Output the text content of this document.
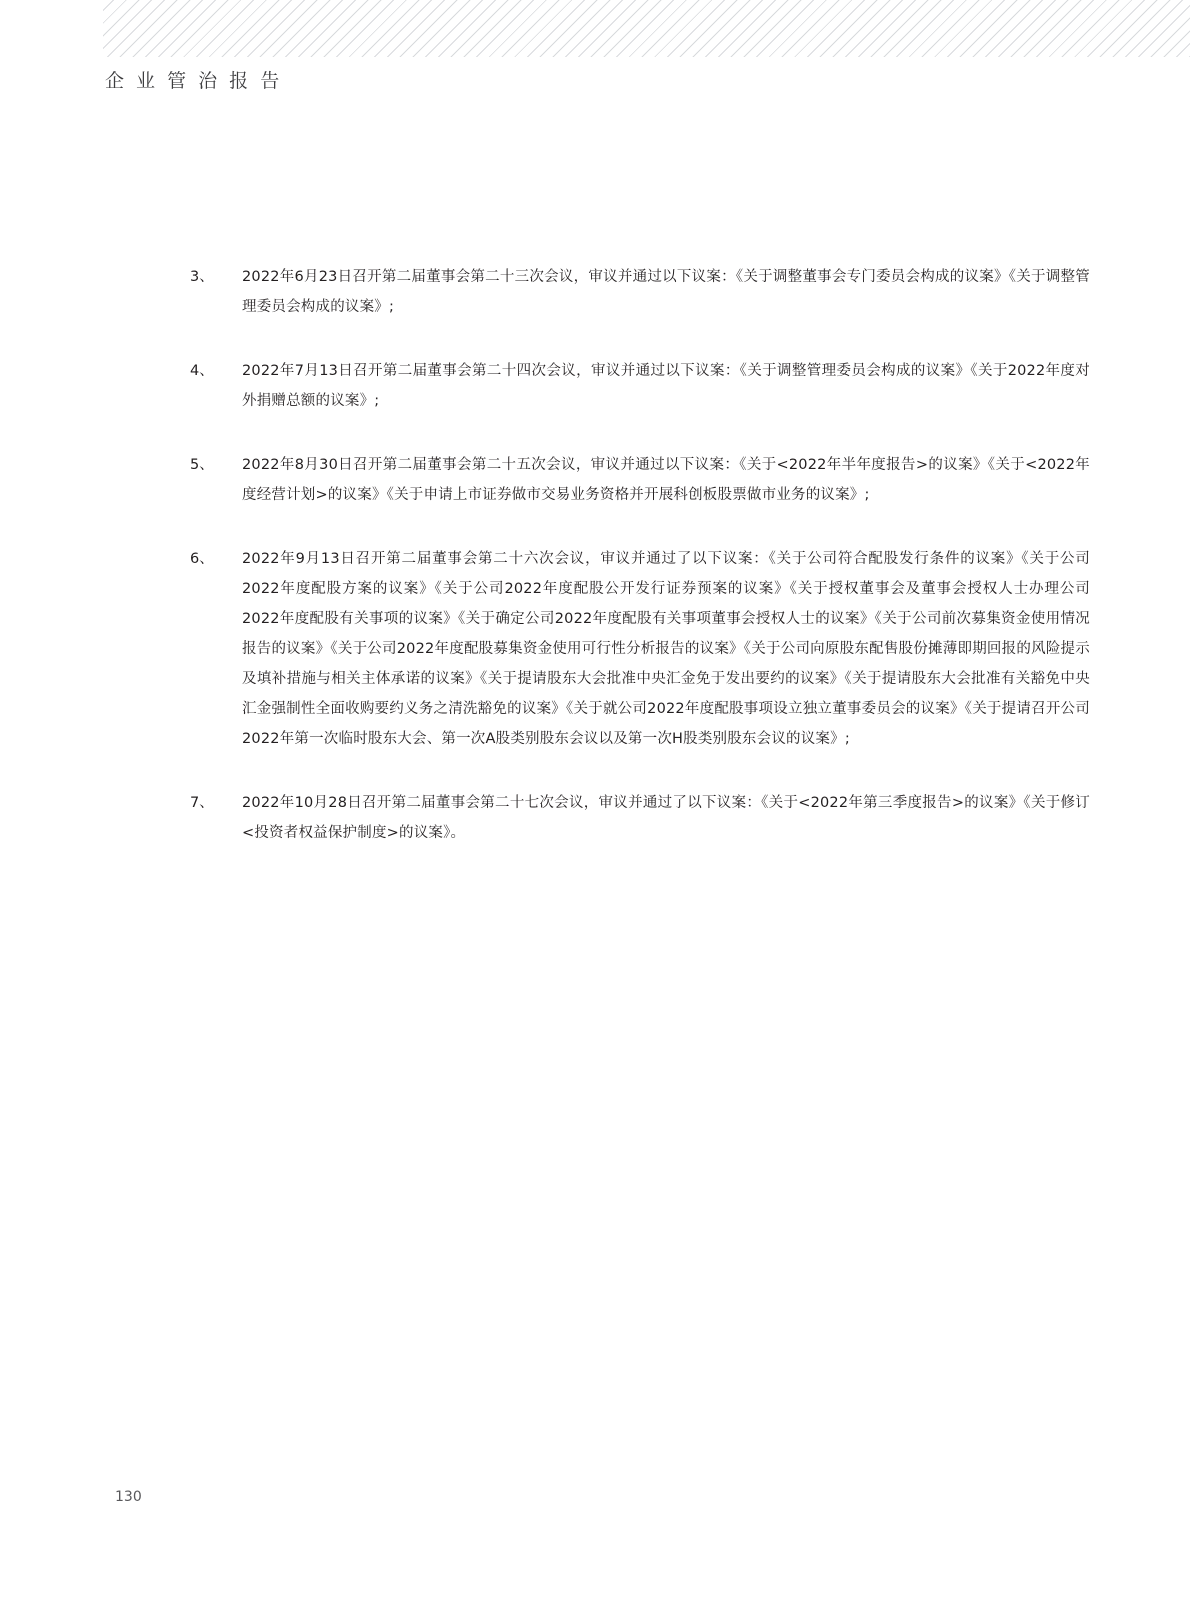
企 业 管 治 报 告
3、	2022年6月23日召开第二届董事会第二十三次会议，审议并通过以下议案：《关于调整董事会专门委员会构成的议案》《关于调整管理委员会构成的议案》;
4、	2022年7月13日召开第二届董事会第二十四次会议，审议并通过以下议案：《关于调整管理委员会构成的议案》《关于2022年度对外捐赠总额的议案》;
5、	2022年8月30日召开第二届董事会第二十五次会议，审议并通过以下议案：《关于<2022年半年度报告>的议案》《关于<2022年度经营计划>的议案》《关于申请上市证券做市交易业务资格并开展科创板股票做市业务的议案》;
6、	2022年9月13日召开第二届董事会第二十六次会议，审议并通过了以下议案：《关于公司符合配股发行条件的议案》《关于公司2022年度配股方案的议案》《关于公司2022年度配股公开发行证券预案的议案》《关于授权董事会及董事会授权人士办理公司2022年度配股有关事项的议案》《关于确定公司2022年度配股有关事项董事会授权人士的议案》《关于公司前次募集资金使用情况报告的议案》《关于公司2022年度配股募集资金使用可行性分析报告的议案》《关于公司向原股东配售股份摊薄即期回报的风险提示及填补措施与相关主体承诺的议案》《关于提请股东大会批准中央汇金免于发出要约的议案》《关于提请股东大会批准有关豁免中央汇金强制性全面收购要约义务之清洗豁免的议案》《关于就公司2022年度配股事项设立独立董事委员会的议案》《关于提请召开公司2022年第一次临时股东大会、第一次A股类别股东会议以及第一次H股类别股东会议的议案》;
7、	2022年10月28日召开第二届董事会第二十七次会议，审议并通过了以下议案：《关于<2022年第三季度报告>的议案》《关于修订<投资者权益保护制度>的议案》。
130
